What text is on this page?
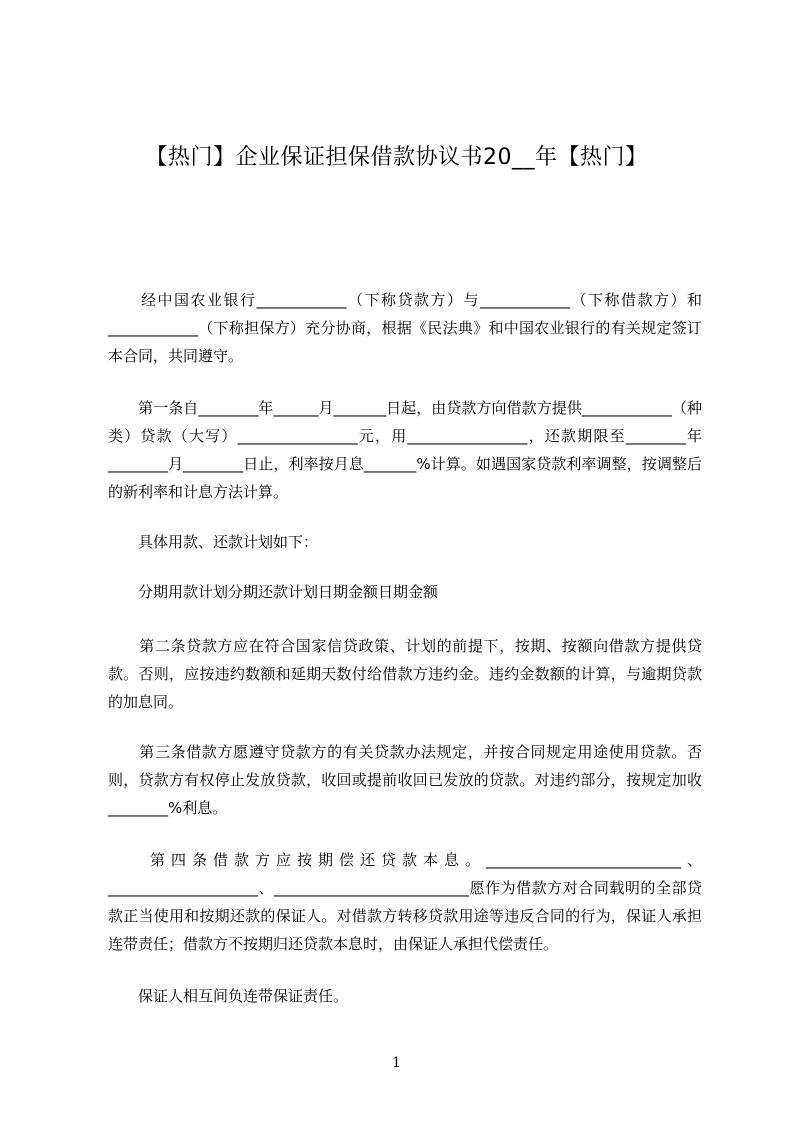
【热门】企业保证担保借款协议书20__年【热门】
　　经中国农业银行____________（下称贷款方）与____________（下称借款方）和____________（下称担保方）充分协商，根据《民法典》和中国农业银行的有关规定签订本合同，共同遵守。
　　第一条自________年______月_______日起，由贷款方向借款方提供____________（种类）贷款（大写）________________元，用________________，还款期限至________年________月________日止，利率按月息_______%计算。如遇国家贷款利率调整，按调整后的新利率和计息方法计算。
　　具体用款、还款计划如下：
　　分期用款计划分期还款计划日期金额日期金额
　　第二条贷款方应在符合国家信贷政策、计划的前提下，按期、按额向借款方提供贷款。否则，应按违约数额和延期天数付给借款方违约金。违约金数额的计算，与逾期贷款的加息同。
　　第三条借款方愿遵守贷款方的有关贷款办法规定，并按合同规定用途使用贷款。否则，贷款方有权停止发放贷款，收回或提前收回已发放的贷款。对违约部分，按规定加收________%利息。
　　第四条借款方应按期偿还贷款本息。__________________________、____________________、__________________________愿作为借款方对合同载明的全部贷款正当使用和按期还款的保证人。对借款方转移贷款用途等违反合同的行为，保证人承担连带责任；借款方不按期归还贷款本息时，由保证人承担代偿责任。
　　保证人相互间负连带保证责任。
1
